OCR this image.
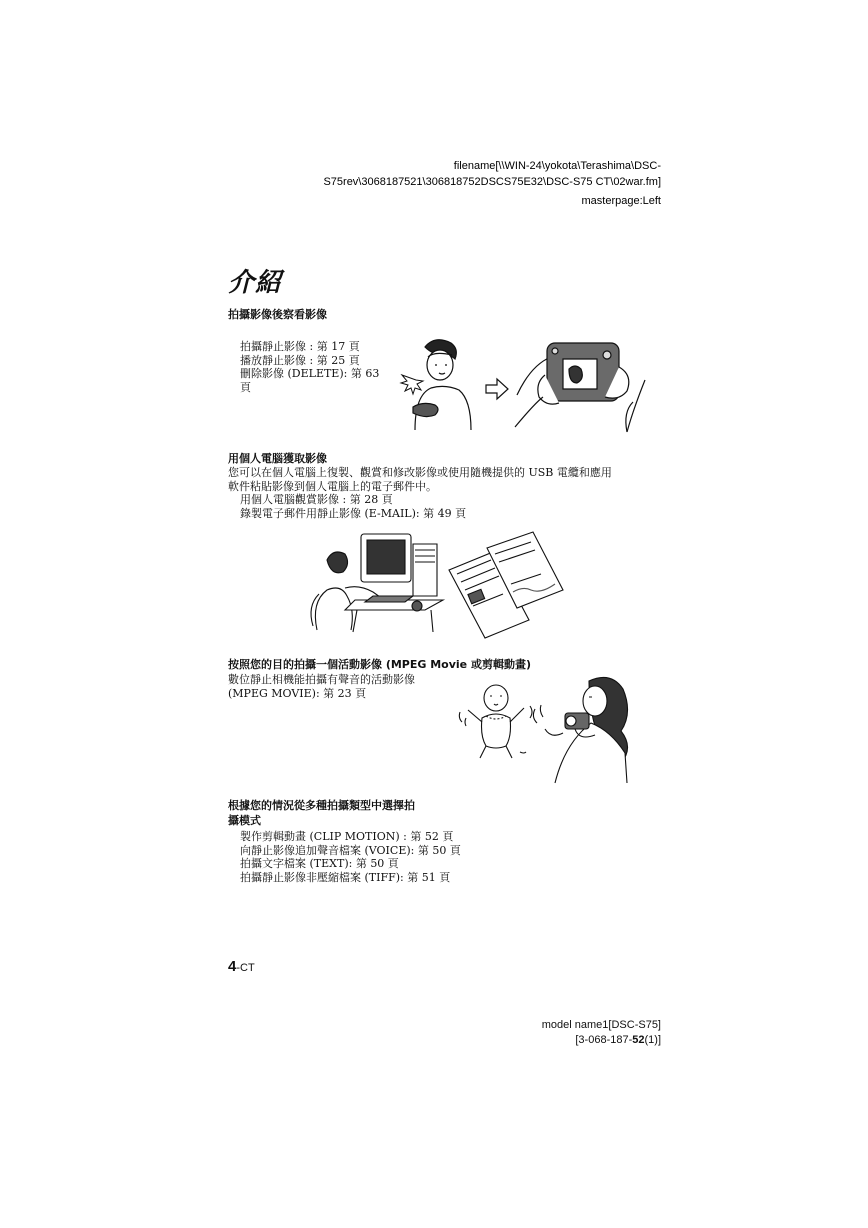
filename[\\WIN-24\yokota\Terashima\DSC-
S75rev\3068187521\306818752DSCS75E32\DSC-S75 CT\02war.fm]
masterpage:Left
介紹
拍攝影像後察看影像
拍攝靜止影像 : 第 17 頁
播放靜止影像 : 第 25 頁
刪除影像 (DELETE): 第 63
頁
用個人電腦獲取影像
您可以在個人電腦上復製、觀賞和修改影像或使用隨機提供的 USB 電纜和應用
軟件粘貼影像到個人電腦上的電子郵件中。
用個人電腦觀賞影像 : 第 28 頁
錄製電子郵件用靜止影像 (E-MAIL): 第 49 頁
按照您的目的拍攝一個活動影像 (MPEG Movie 或剪輯動畫)
數位靜止相機能拍攝有聲音的活動影像
(MPEG MOVIE): 第 23 頁
根據您的情況從多種拍攝類型中選擇拍
攝模式
製作剪輯動畫 (CLIP MOTION) : 第 52 頁
向靜止影像追加聲音檔案 (VOICE): 第 50 頁
拍攝文字檔案 (TEXT): 第 50 頁
拍攝靜止影像非壓縮檔案 (TIFF): 第 51 頁
4-CT
model name1[DSC-S75]
[3-068-187-52(1)]
